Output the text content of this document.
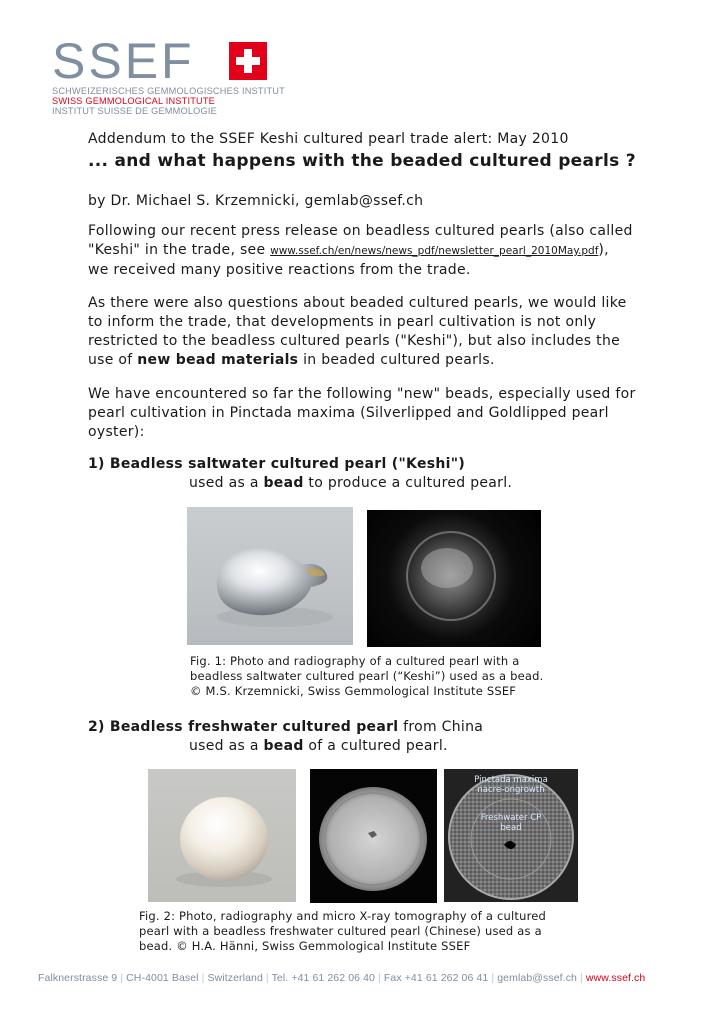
SSEF
SCHWEIZERISCHES GEMMOLOGISCHES INSTITUT
SWISS GEMMOLOGICAL INSTITUTE
INSTITUT SUISSE DE GEMMOLOGIE
Addendum to the SSEF Keshi cultured pearl trade alert: May 2010
... and what happens with the beaded cultured pearls ?
by Dr. Michael S. Krzemnicki, gemlab@ssef.ch
Following our recent press release on beadless cultured pearls (also called
"Keshi" in the trade, see www.ssef.ch/en/news/news_pdf/newsletter_pearl_2010May.pdf),
we received many positive reactions from the trade.
As there were also questions about beaded cultured pearls, we would like
to inform the trade, that developments in pearl cultivation is not only
restricted to the beadless cultured pearls ("Keshi"), but also includes the
use of new bead materials in beaded cultured pearls.
We have encountered so far the following "new" beads, especially used for
pearl cultivation in Pinctada maxima (Silverlipped and Goldlipped pearl
oyster):
1) Beadless saltwater cultured pearl ("Keshi")
used as a bead to produce a cultured pearl.
Fig. 1: Photo and radiography of a cultured pearl with a
beadless saltwater cultured pearl (“Keshi”) used as a bead.
© M.S. Krzemnicki, Swiss Gemmological Institute SSEF
2) Beadless freshwater cultured pearl from China
used as a bead of a cultured pearl.
Pinctada maxima
nacre-ongrowth
Freshwater CP
bead
Fig. 2: Photo, radiography and micro X-ray tomography of a cultured
pearl with a beadless freshwater cultured pearl (Chinese) used as a
bead. © H.A. Hänni, Swiss Gemmological Institute SSEF
Falknerstrasse 9 | CH-4001 Basel | Switzerland | Tel. +41 61 262 06 40 | Fax +41 61 262 06 41 | gemlab@ssef.ch | www.ssef.ch
